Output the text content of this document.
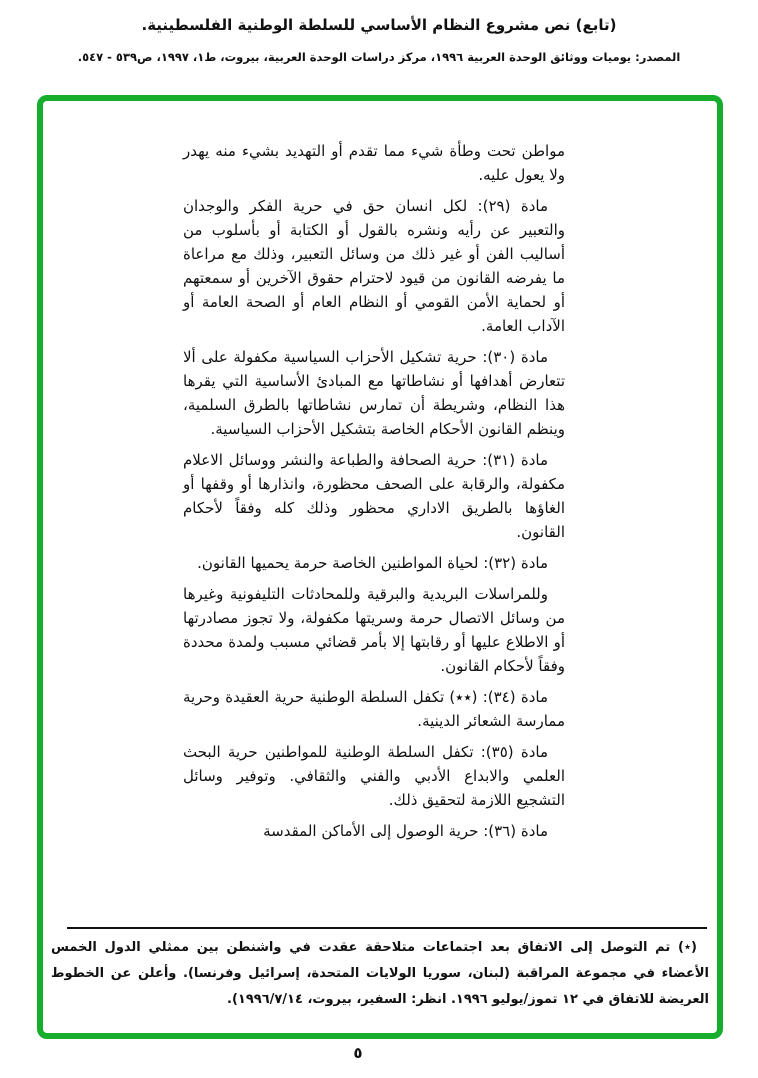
(تابع) نص مشروع النظام الأساسي للسلطة الوطنية الفلسطينية.
المصدر: يوميات ووثائق الوحدة العربية ١٩٩٦، مركز دراسات الوحدة العربية، بيروت، ط١، ١٩٩٧، ص٥٣٩ - ٥٤٧.

مواطن تحت وطأة شيء مما تقدم أو التهديد بشيء منه يهدر ولا يعول عليه.

مادة (٢٩): لكل انسان حق في حرية الفكر والوجدان والتعبير عن رأيه ونشره بالقول أو الكتابة أو بأسلوب من أساليب الفن أو غير ذلك من وسائل التعبير، وذلك مع مراعاة ما يفرضه القانون من قيود لاحترام حقوق الآخرين أو سمعتهم أو لحماية الأمن القومي أو النظام العام أو الصحة العامة أو الآداب العامة.

مادة (٣٠): حرية تشكيل الأحزاب السياسية مكفولة على ألا تتعارض أهدافها أو نشاطاتها مع المبادئ الأساسية التي يقرها هذا النظام، وشريطة أن تمارس نشاطاتها بالطرق السلمية، وينظم القانون الأحكام الخاصة بتشكيل الأحزاب السياسية.

مادة (٣١): حرية الصحافة والطباعة والنشر ووسائل الاعلام مكفولة، والرقابة على الصحف محظورة، وانذارها أو وقفها أو الغاؤها بالطريق الاداري محظور وذلك كله وفقاً لأحكام القانون.

مادة (٣٢): لحياة المواطنين الخاصة حرمة يحميها القانون.

وللمراسلات البريدية والبرقية وللمحادثات التليفونية وغيرها من وسائل الاتصال حرمة وسريتها مكفولة، ولا تجوز مصادرتها أو الاطلاع عليها أو رقابتها إلا بأمر قضائي مسبب ولمدة محددة وفقاً لأحكام القانون.

مادة (٣٤): (٭٭) تكفل السلطة الوطنية حرية العقيدة وحرية ممارسة الشعائر الدينية.

مادة (٣٥): تكفل السلطة الوطنية للمواطنين حرية البحث العلمي والابداع الأدبي والفني والثقافي. وتوفير وسائل التشجيع اللازمة لتحقيق ذلك.

مادة (٣٦): حرية الوصول إلى الأماكن المقدسة

(٭) تم التوصل إلى الاتفاق بعد اجتماعات متلاحقة عقدت في واشنطن بين ممثلي الدول الخمس الأعضاء في مجموعة المراقبة (لبنان، سوريا الولايات المتحدة، إسرائيل وفرنسا). وأعلن عن الخطوط العريضة للاتفاق في ١٢ تموز/يوليو ١٩٩٦. انظر: السفير، بيروت، ١٩٩٦/٧/١٤).
٥
